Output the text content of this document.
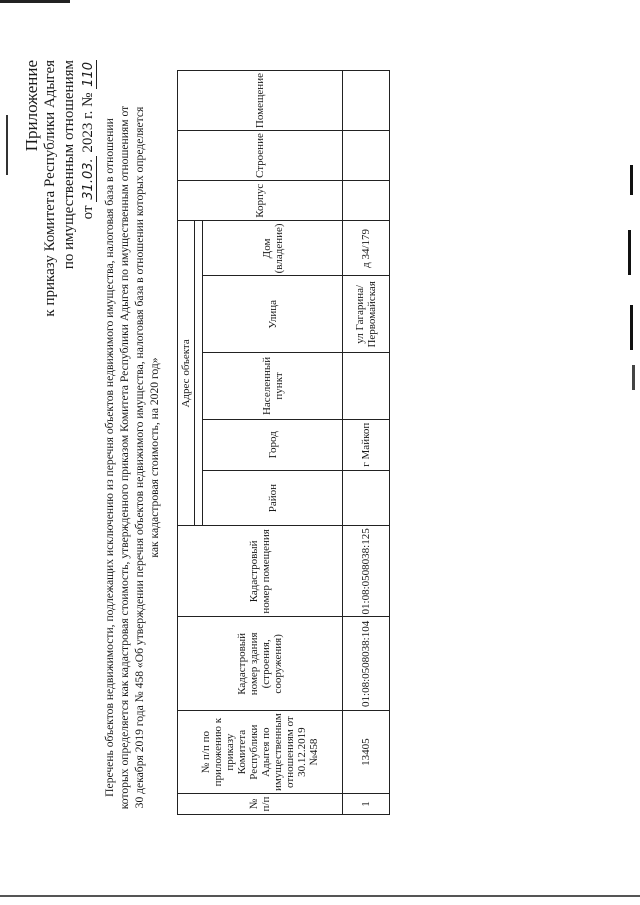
Приложение к приказу Комитета Республики Адыгея по имущественным отношениям от 31.03. 2023 г. № 110
Перечень объектов недвижимости, подлежащих исключению из перечня объектов недвижимого имущества, налоговая база в отношении которых определяется как кадастровая стоимость, утвержденного приказом Комитета Республики Адыгея по имущественным отношениям от 30 декабря 2019 года № 458 «Об утверждении перечня объектов недвижимого имущества, налоговая база в отношении которых определяется как кадастровая стоимость, на 2020 год»
№ п/п	№ п/п по приложению к приказу Комитета Республики Адыгея по имущественным отношениям от 30.12.2019 №458	Кадастровый номер здания (строения, сооружения)	Кадастровый номер помещения	Адрес объекта					Корпус	Строение	Помещение

				Район	Город	Населенный пункт	Улица	Дом (владение)			
1	13405	01:08:0508038:104	01:08:0508038:125		г Майкоп		ул Гагарина/Первомайская	д 34/179			
